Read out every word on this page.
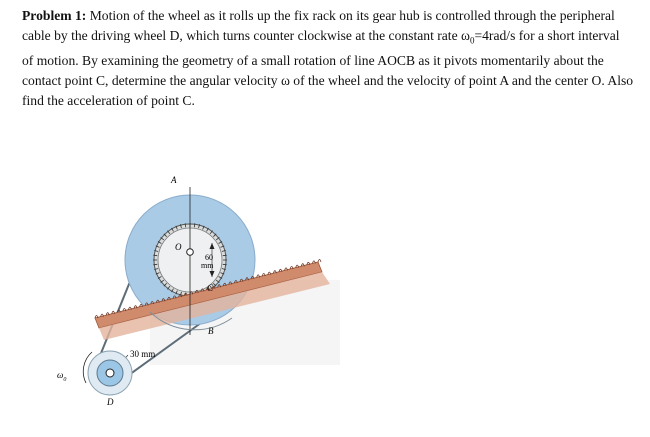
Problem 1: Motion of the wheel as it rolls up the fix rack on its gear hub is controlled through the peripheral cable by the driving wheel D, which turns counter clockwise at the constant rate $\omega_0=4rad/s$ for a short interval of motion. By examining the geometry of a small rotation of line AOCB as it pivots momentarily about the contact point C, determine the angular velocity ω of the wheel and the velocity of point A and the center O. Also find the acceleration of point C.
A
O
C
B
D
60
mm
30 mm
$\omega_0$
